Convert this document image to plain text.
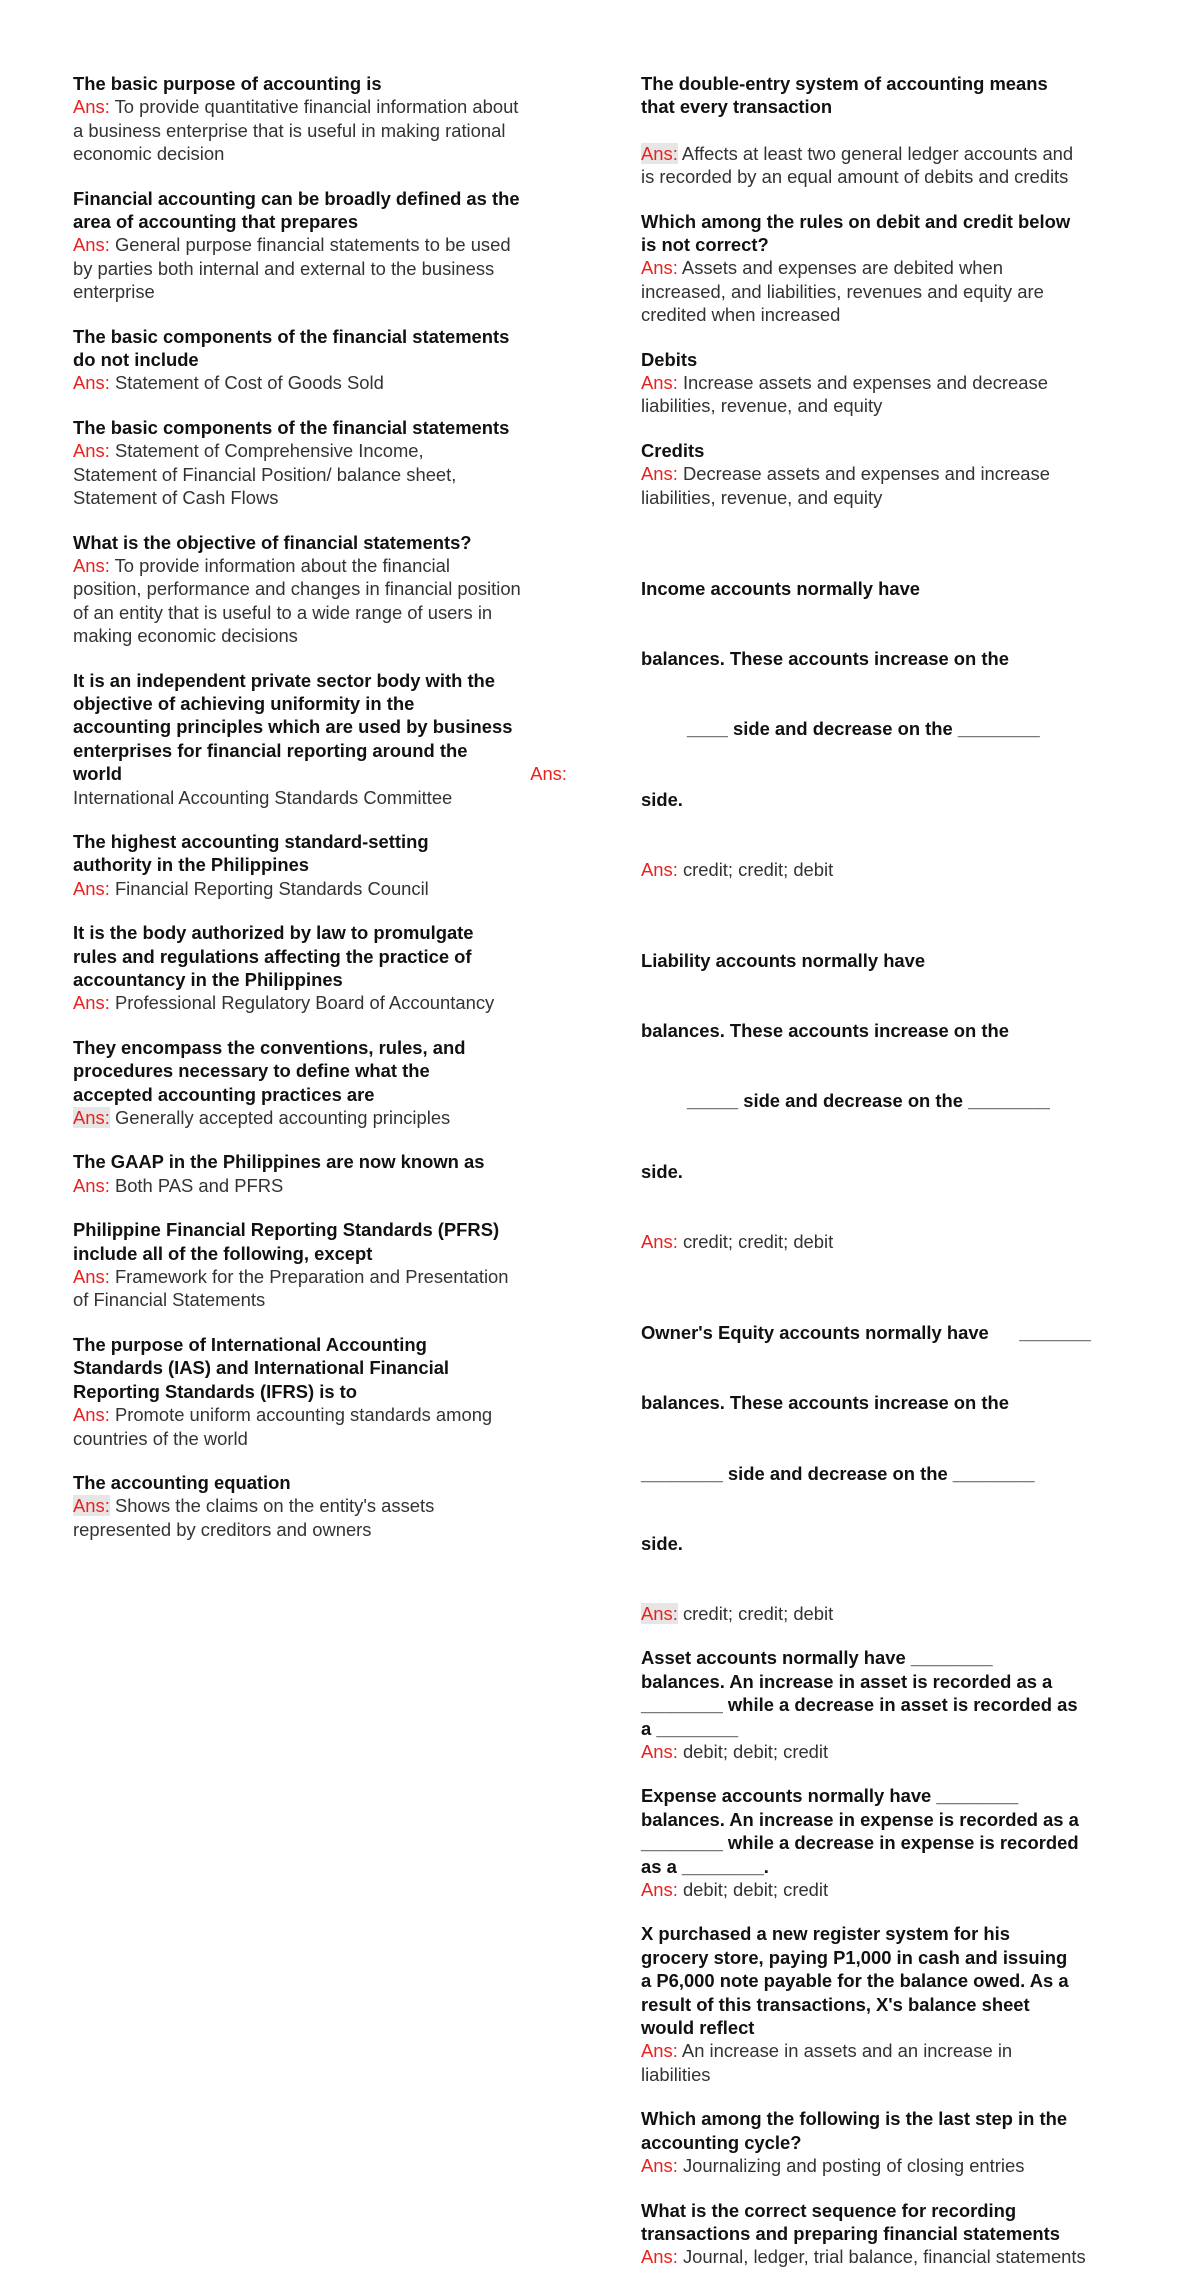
The basic purpose of accounting is
Ans: To provide quantitative financial information about
a business enterprise that is useful in making rational
economic decision
Financial accounting can be broadly defined as the
area of accounting that prepares
Ans: General purpose financial statements to be used
by parties both internal and external to the business
enterprise
The basic components of the financial statements
do not include
Ans: Statement of Cost of Goods Sold
The basic components of the financial statements
Ans: Statement of Comprehensive Income,
Statement of Financial Position/ balance sheet,
Statement of Cash Flows
What is the objective of financial statements?
Ans: To provide information about the financial
position, performance and changes in financial position
of an entity that is useful to a wide range of users in
making economic decisions
It is an independent private sector body with the
objective of achieving uniformity in the
accounting principles which are used by business
enterprises for financial reporting around the
world	Ans:
International Accounting Standards Committee
The highest accounting standard-setting
authority in the Philippines
Ans: Financial Reporting Standards Council
It is the body authorized by law to promulgate
rules and regulations affecting the practice of
accountancy in the Philippines
Ans: Professional Regulatory Board of Accountancy
They encompass the conventions, rules, and
procedures necessary to define what the
accepted accounting practices are
Ans: Generally accepted accounting principles
The GAAP in the Philippines are now known as
Ans: Both PAS and PFRS
Philippine Financial Reporting Standards (PFRS)
include all of the following, except
Ans: Framework for the Preparation and Presentation
of Financial Statements
The purpose of International Accounting
Standards (IAS) and International Financial
Reporting Standards (IFRS) is to
Ans: Promote uniform accounting standards among
countries of the world
The accounting equation
Ans: Shows the claims on the entity's assets
represented by creditors and owners
The double-entry system of accounting means
that every transaction
Ans: Affects at least two general ledger accounts and
is recorded by an equal amount of debits and credits
Which among the rules on debit and credit below
is not correct?
Ans: Assets and expenses are debited when
increased, and liabilities, revenues and equity are
credited when increased
Debits
Ans: Increase assets and expenses and decrease
liabilities, revenue, and equity
Credits
Ans: Decrease assets and expenses and increase
liabilities, revenue, and equity

Income accounts normally have

balances. These accounts increase on the

____ side and decrease on the ________

side.

Ans: credit; credit; debit

Liability accounts normally have

balances. These accounts increase on the

_____ side and decrease on the ________

side.

Ans: credit; credit; debit

Owner's Equity accounts normally have      _______

balances. These accounts increase on the

________ side and decrease on the ________

side.

Ans: credit; credit; debit
Asset accounts normally have ________
balances. An increase in asset is recorded as a
________ while a decrease in asset is recorded as
a ________
Ans: debit; debit; credit
Expense accounts normally have ________
balances. An increase in expense is recorded as a
________ while a decrease in expense is recorded
as a ________.
Ans: debit; debit; credit
X purchased a new register system for his
grocery store, paying P1,000 in cash and issuing
a P6,000 note payable for the balance owed. As a
result of this transactions, X's balance sheet
would reflect
Ans: An increase in assets and an increase in
liabilities
Which among the following is the last step in the
accounting cycle?
Ans: Journalizing and posting of closing entries
What is the correct sequence for recording
transactions and preparing financial statements
Ans: Journal, ledger, trial balance, financial statements
